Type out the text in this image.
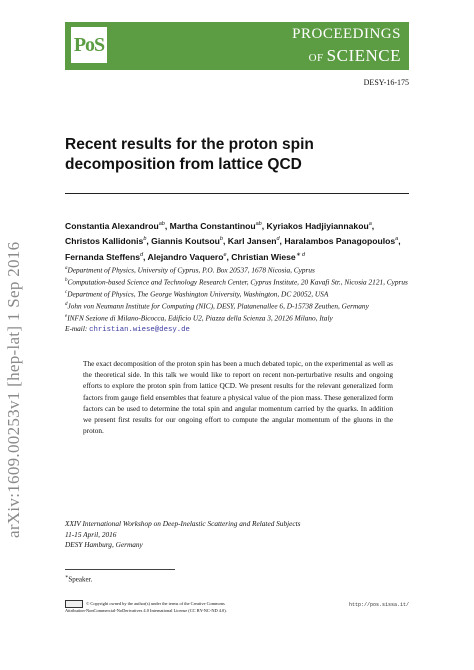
PoS	PROCEEDINGS
OF SCIENCE
DESY-16-175
arXiv:1609.00253v1 [hep-lat] 1 Sep 2016
Recent results for the proton spin decomposition from lattice QCD
Constantia Alexandrou$^{ab}$, Martha Constantinou$^{ab}$, Kyriakos Hadjiyiannakou$^a$, Christos Kallidonis$^b$, Giannis Koutsou$^b$, Karl Jansen$^d$, Haralambos Panagopoulos$^a$, Fernanda Steffens$^d$, Alejandro Vaquero$^e$, Christian Wiese$^{∗ d}$
$^a$Department of Physics, University of Cyprus, P.O. Box 20537, 1678 Nicosia, Cyprus
$^b$Computation-based Science and Technology Research Center, Cyprus Institute, 20 Kavafi Str., Nicosia 2121, Cyprus
$^c$Department of Physics, The George Washington University, Washington, DC 20052, USA
$^d$John von Neumann Institute for Computing (NIC), DESY, Platanenallee 6, D-15738 Zeuthen, Germany
$^e$INFN Sezione di Milano-Bicocca, Edificio U2, Piazza della Scienza 3, 20126 Milano, Italy
E-mail: christian.wiese@desy.de
The exact decomposition of the proton spin has been a much debated topic, on the experimental as well as the theoretical side. In this talk we would like to report on recent non-perturbative results and ongoing efforts to explore the proton spin from lattice QCD. We present results for the relevant generalized form factors from gauge field ensembles that feature a physical value of the pion mass. These generalized form factors can be used to determine the total spin and angular momentum carried by the quarks. In addition we present first results for our ongoing effort to compute the angular momentum of the gluons in the proton.
XXIV International Workshop on Deep-Inelastic Scattering and Related Subjects
11-15 April, 2016
DESY Hamburg, Germany
∗Speaker.
© Copyright owned by the author(s) under the terms of the Creative Commons
Attribution-NonCommercial-NoDerivatives 4.0 International License (CC BY-NC-ND 4.0).
http://pos.sissa.it/
